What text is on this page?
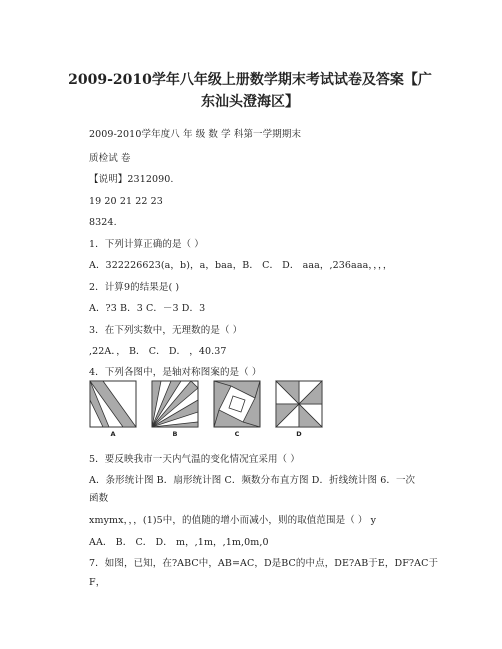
2009-2010学年八年级上册数学期末考试试卷及答案【广
东汕头澄海区】
2009-2010学年度八 年 级 数 学 科第一学期期末
质检试 卷
【说明】2312090.
19 20 21 22 23
8324.
1．下列计算正确的是（ ）
A．322226623(a，b)，a，baa，B． C． D． aaa，,236aaa，，，，
2．计算9的结果是( )
A．?3 B．3 C．－3 D．3
3．在下列实数中，无理数的是（ ）
,22A．， B． C． D． ，40.37
4．下列各图中，是轴对称图案的是（ ）
A	B	C	D
5．要反映我市一天内气温的变化情况宜采用（ ）
A．条形统计图 B．扇形统计图 C．频数分布直方图 D．折线统计图 6．一次
函数
xmymx，，，(1)5中，的值随的增小而减小，则的取值范围是（ ） y
AA． B． C． D． m，,1m，,1m,0m,0
7．如图，已知，在?ABC中，AB=AC，D是BC的中点，DE?AB于E，DF?AC于
F，
